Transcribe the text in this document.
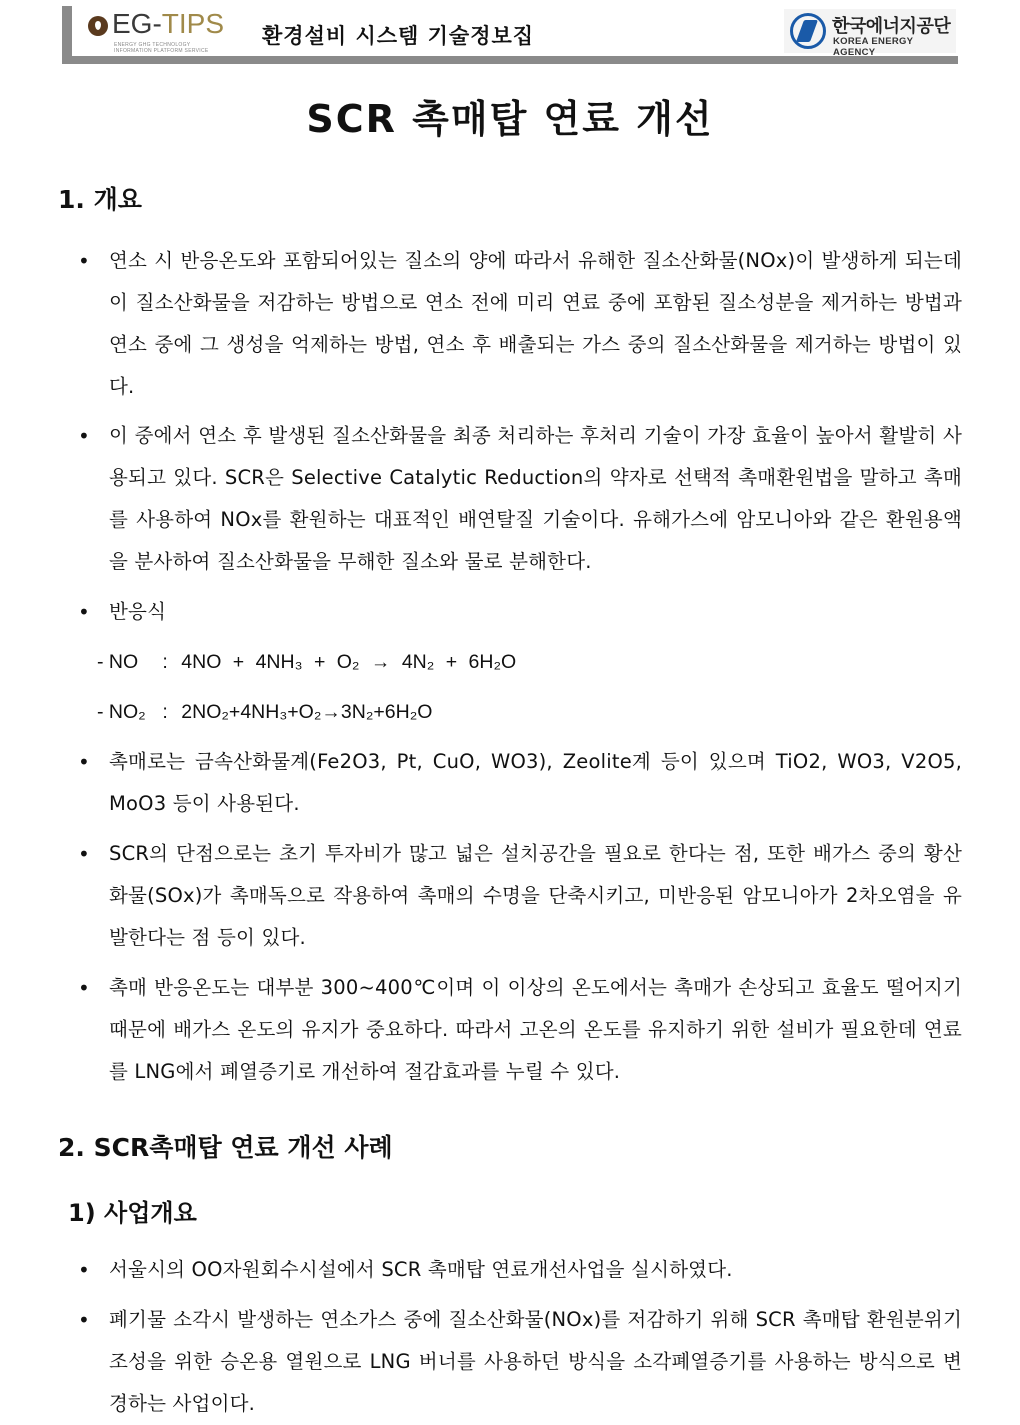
EG-TIPS
ENERGY GHG TECHNOLOGY
INFORMATION PLATFORM SERVICE
환경설비 시스템 기술정보집	한국에너지공단
KOREA ENERGY AGENCY
SCR 촉매탑 연료 개선
1. 개요
• 연소 시 반응온도와 포함되어있는 질소의 양에 따라서 유해한 질소산화물(NOx)이 발생하게 되는데 이 질소산화물을 저감하는 방법으로 연소 전에 미리 연료 중에 포함된 질소성분을 제거하는 방법과 연소 중에 그 생성을 억제하는 방법, 연소 후 배출되는 가스 중의 질소산화물을 제거하는 방법이 있다.
• 이 중에서 연소 후 발생된 질소산화물을 최종 처리하는 후처리 기술이 가장 효율이 높아서 활발히 사용되고 있다. SCR은 Selective Catalytic Reduction의 약자로 선택적 촉매환원법을 말하고 촉매를 사용하여 NOx를 환원하는 대표적인 배연탈질 기술이다. 유해가스에 암모니아와 같은 환원용액을 분사하여 질소산화물을 무해한 질소와 물로 분해한다.
• 반응식
- NO : 4NO + 4NH₃ + O₂ → 4N₂ + 6H₂O
- NO₂ : 2NO₂+4NH₃+O₂→3N₂+6H₂O
• 촉매로는 금속산화물계(Fe2O3, Pt, CuO, WO3), Zeolite계 등이 있으며 TiO2, WO3, V2O5, MoO3 등이 사용된다.
• SCR의 단점으로는 초기 투자비가 많고 넓은 설치공간을 필요로 한다는 점, 또한 배가스 중의 황산화물(SOx)가 촉매독으로 작용하여 촉매의 수명을 단축시키고, 미반응된 암모니아가 2차오염을 유발한다는 점 등이 있다.
• 촉매 반응온도는 대부분 300~400℃이며 이 이상의 온도에서는 촉매가 손상되고 효율도 떨어지기 때문에 배가스 온도의 유지가 중요하다. 따라서 고온의 온도를 유지하기 위한 설비가 필요한데 연료를 LNG에서 폐열증기로 개선하여 절감효과를 누릴 수 있다.
2. SCR촉매탑 연료 개선 사례
1) 사업개요
• 서울시의 OO자원회수시설에서 SCR 촉매탑 연료개선사업을 실시하였다.
• 폐기물 소각시 발생하는 연소가스 중에 질소산화물(NOx)를 저감하기 위해 SCR 촉매탑 환원분위기 조성을 위한 승온용 열원으로 LNG 버너를 사용하던 방식을 소각폐열증기를 사용하는 방식으로 변경하는 사업이다.
